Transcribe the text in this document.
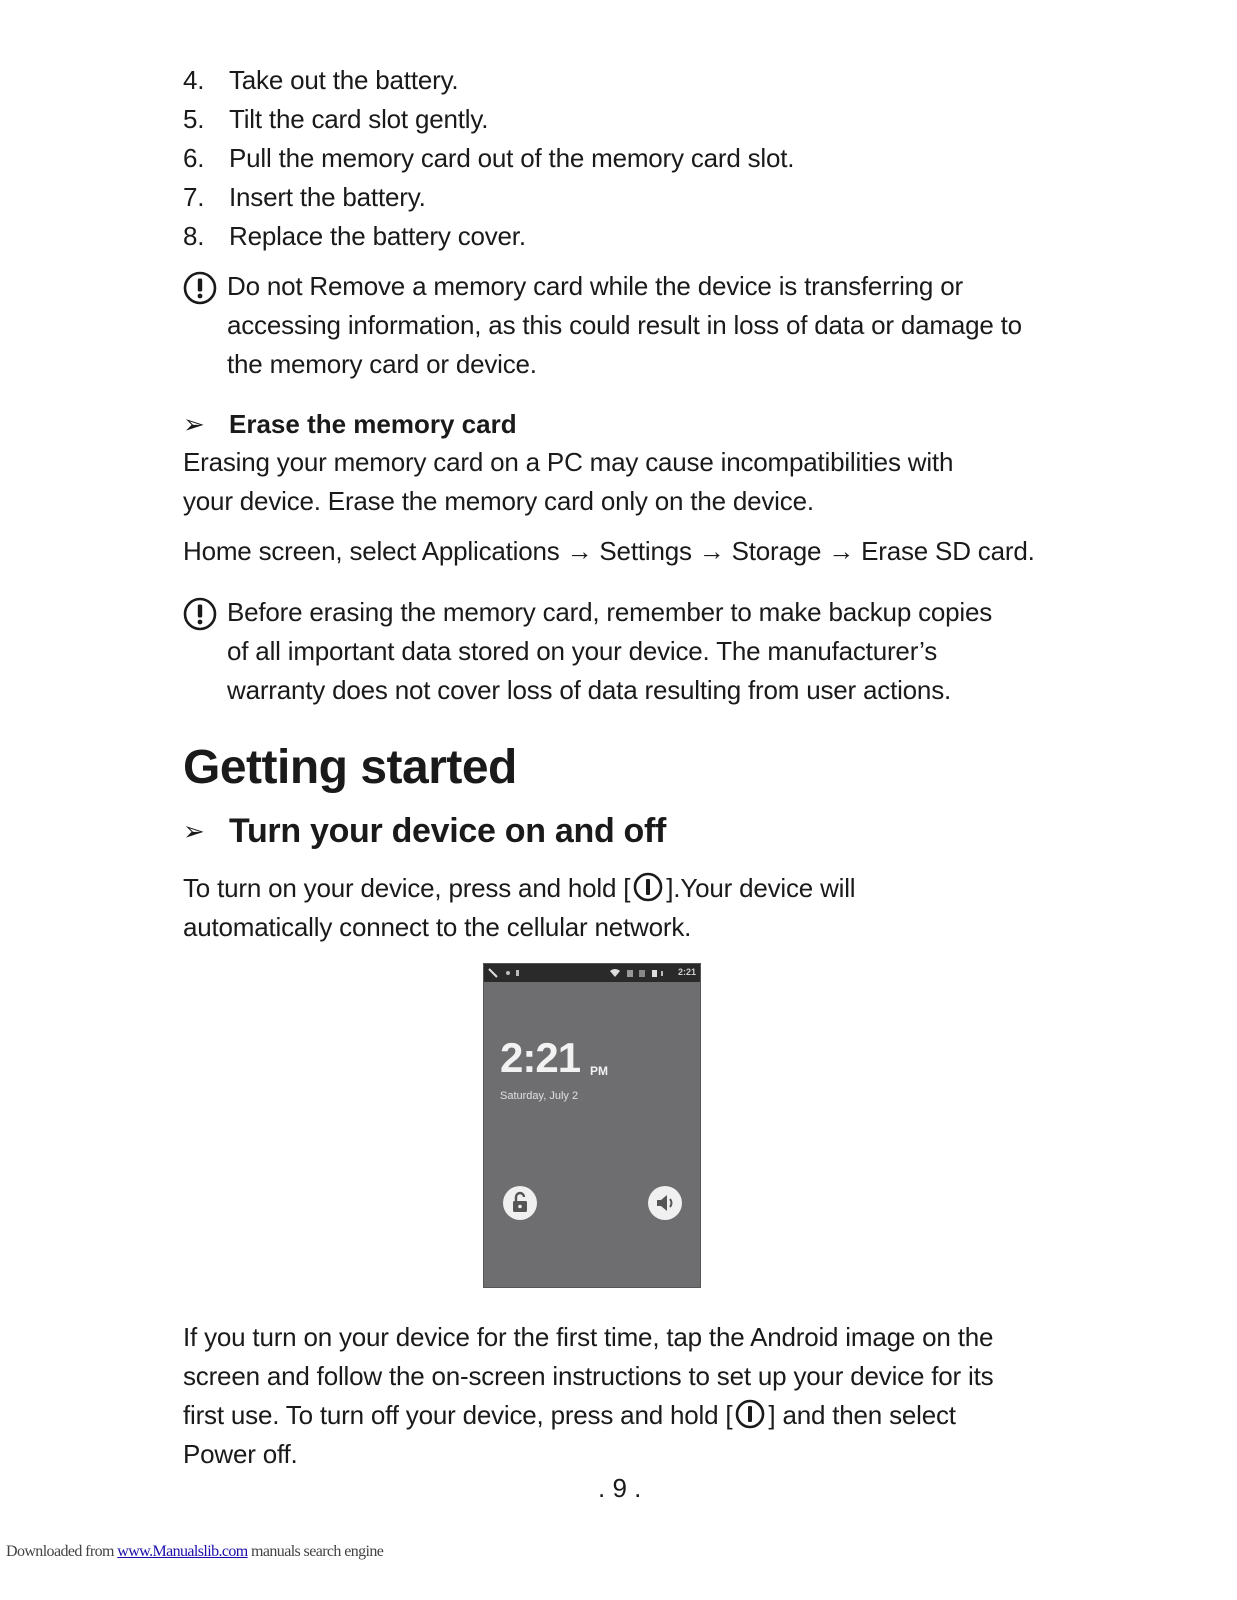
4. Take out the battery.
5. Tilt the card slot gently.
6. Pull the memory card out of the memory card slot.
7. Insert the battery.
8. Replace the battery cover.
Do not Remove a memory card while the device is transferring or
accessing information, as this could result in loss of data or damage to
the memory card or device.
➢ Erase the memory card
Erasing your memory card on a PC may cause incompatibilities with
your device. Erase the memory card only on the device.
Home screen, select Applications → Settings → Storage → Erase SD card.
Before erasing the memory card, remember to make backup copies
of all important data stored on your device. The manufacturer’s
warranty does not cover loss of data resulting from user actions.
Getting started
➢ Turn your device on and off
To turn on your device, press and hold [ ].Your device will
automatically connect to the cellular network.
2:21
2:21 PM
Saturday, July 2
If you turn on your device for the first time, tap the Android image on the
screen and follow the on-screen instructions to set up your device for its
first use. To turn off your device, press and hold [ ] and then select
Power off.
. 9 .
Downloaded from www.Manualslib.com manuals search engine
